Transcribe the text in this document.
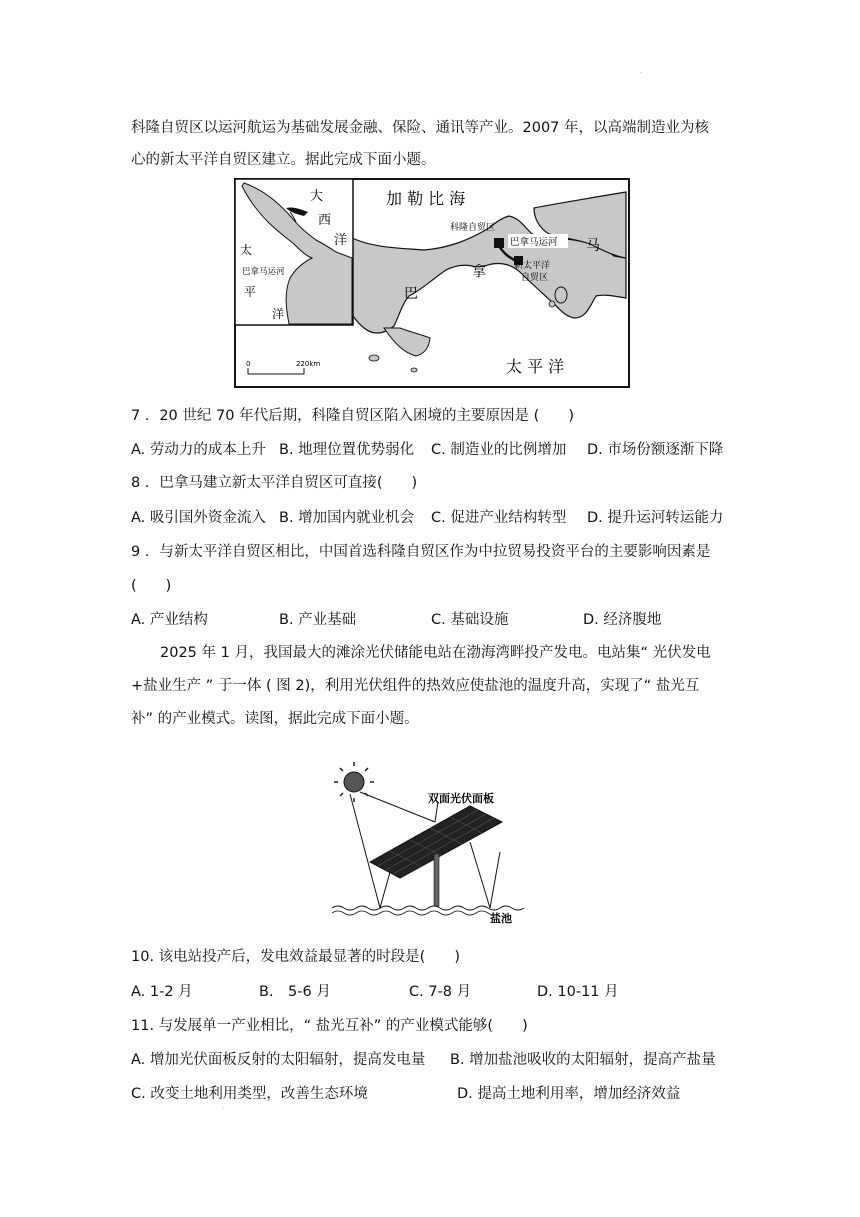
·
科隆自贸区以运河航运为基础发展金融、保险、通讯等产业。2007 年，以高端制造业为核
心的新太平洋自贸区建立。据此完成下面小题。
加 勒 比 海
科隆自贸区
巴拿马运河
新太平洋
自贸区
太 平 洋
巴
拿
马
大
西
洋
太
巴拿马运河
平
洋
0	220km
7 ．20 世纪 70 年代后期，科隆自贸区陷入困境的主要原因是 (　　)
A. 劳动力的成本上升 B. 地理位置优势弱化 C. 制造业的比例增加 D. 市场份额逐渐下降
8 ．巴拿马建立新太平洋自贸区可直接(　　)
A. 吸引国外资金流入 B. 增加国内就业机会 C. 促进产业结构转型 D. 提升运河转运能力
9 ．与新太平洋自贸区相比，中国首选科隆自贸区作为中拉贸易投资平台的主要影响因素是
(　　)
A. 产业结构	B. 产业基础	C. 基础设施	D. 经济腹地
2025 年 1 月，我国最大的滩涂光伏储能电站在渤海湾畔投产发电。电站集“ 光伏发电
+盐业生产 ” 于一体 ( 图 2)，利用光伏组件的热效应使盐池的温度升高，实现了“ 盐光互
补” 的产业模式。读图，据此完成下面小题。
双面光伏面板
盐池
10. 该电站投产后，发电效益最显著的时段是(　　)
A. 1-2 月	B.　5-6 月	C. 7-8 月	D. 10-11 月
11. 与发展单一产业相比，“ 盐光互补” 的产业模式能够(　　)
A. 增加光伏面板反射的太阳辐射，提高发电量 B. 增加盐池吸收的太阳辐射，提高产盐量
C. 改变土地利用类型，改善生态环境	D. 提高土地利用率，增加经济效益
·
